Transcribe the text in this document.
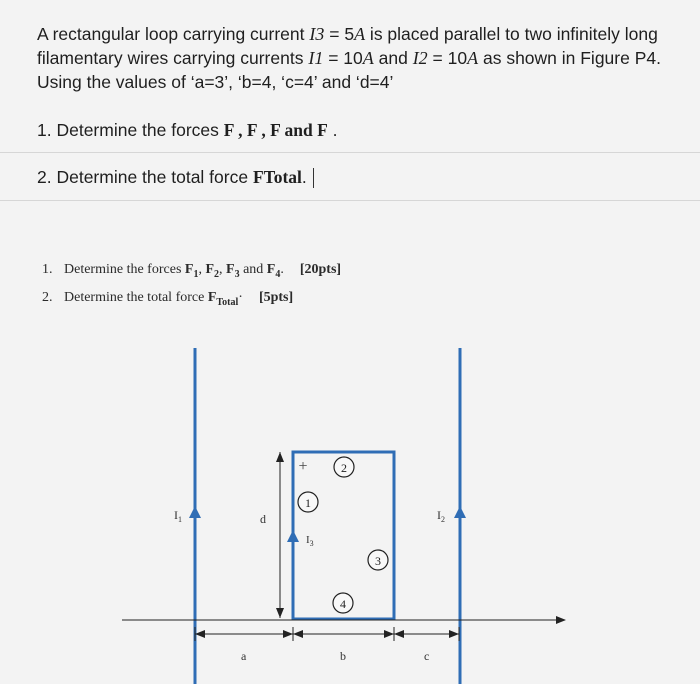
A rectangular loop carrying current I3 = 5A is placed parallel to two infinitely long filamentary wires carrying currents I1 = 10A and I2 = 10A as shown in Figure P4. Using the values of ‘a=3’, ‘b=4, ‘c=4’ and ‘d=4’
1. Determine the forces F , F , F and F .
2. Determine the total force FTotal.
1. Determine the forces $F_1$, $F_2$, $F_3$ and $F_4$. [20pts]
2. Determine the total force $F_{Total}\cdot [5pts]$
$I_1$	$I_2$
$I_3$
d
a	b	c
+
1
2
3
4
